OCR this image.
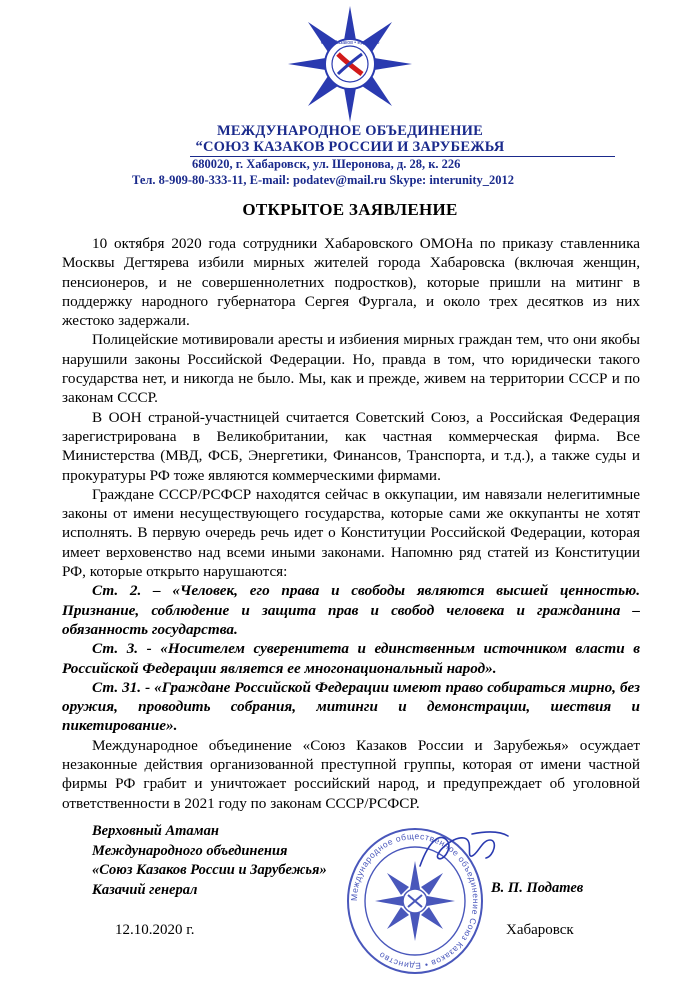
Союз Казаков • Единство
МЕЖДУНАРОДНОЕ ОБЪЕДИНЕНИЕ
“СОЮЗ КАЗАКОВ РОССИИ И ЗАРУБЕЖЬЯ
680020, г. Хабаровск, ул. Шеронова, д. 28, к. 226
Тел. 8-909-80-333-11, E-mail: podatev@mail.ru Skype: interunity_2012
ОТКРЫТОЕ ЗАЯВЛЕНИЕ

10 октября 2020 года сотрудники Хабаровского ОМОНа по приказу ставленника Москвы Дегтярева избили мирных жителей города Хабаровска (включая женщин, пенсионеров, и не совершеннолетних подростков), которые пришли на митинг в поддержку народного губернатора Сергея Фургала, и около трех десятков из них жестоко задержали.

Полицейские мотивировали аресты и избиения мирных граждан тем, что они якобы нарушили законы Российской Федерации. Но, правда в том, что юридически такого государства нет, и никогда не было. Мы, как и прежде, живем на территории СССР и по законам СССР.

В ООН страной-участницей считается Советский Союз, а Российская Федерация зарегистрирована в Великобритании, как частная коммерческая фирма. Все Министерства (МВД, ФСБ, Энергетики, Финансов, Транспорта, и т.д.), а также суды и прокуратуры РФ тоже являются коммерческими фирмами.

Граждане СССР/РСФСР находятся сейчас в оккупации, им навязали нелегитимные законы от имени несуществующего государства, которые сами же оккупанты не хотят исполнять. В первую очередь речь идет о Конституции Российской Федерации, которая имеет верховенство над всеми иными законами. Напомню ряд статей из Конституции РФ, которые открыто нарушаются:

Ст. 2. – «Человек, его права и свободы являются высшей ценностью. Признание, соблюдение и защита прав и свобод человека и гражданина – обязанность государства.

Ст. 3. - «Носителем суверенитета и единственным источником власти в Российской Федерации является ее многонациональный народ».

Ст. 31. - «Граждане Российской Федерации имеют право собираться мирно, без оружия, проводить собрания, митинги и демонстрации, шествия и пикетирование».

Международное объединение «Союз Казаков России и Зарубежья» осуждает незаконные действия организованной преступной группы, которая от имени частной фирмы РФ грабит и уничтожает российский народ, и предупреждает об уголовной ответственности в 2021 году по законам СССР/РСФСР.

Международное общественное объединение Союз Казаков • Единство
Верховный Атаман
Международного объединения
«Союз Казаков России и Зарубежья»
Казачий генерал	В. П. Податев
12.10.2020 г.	Хабаровск
